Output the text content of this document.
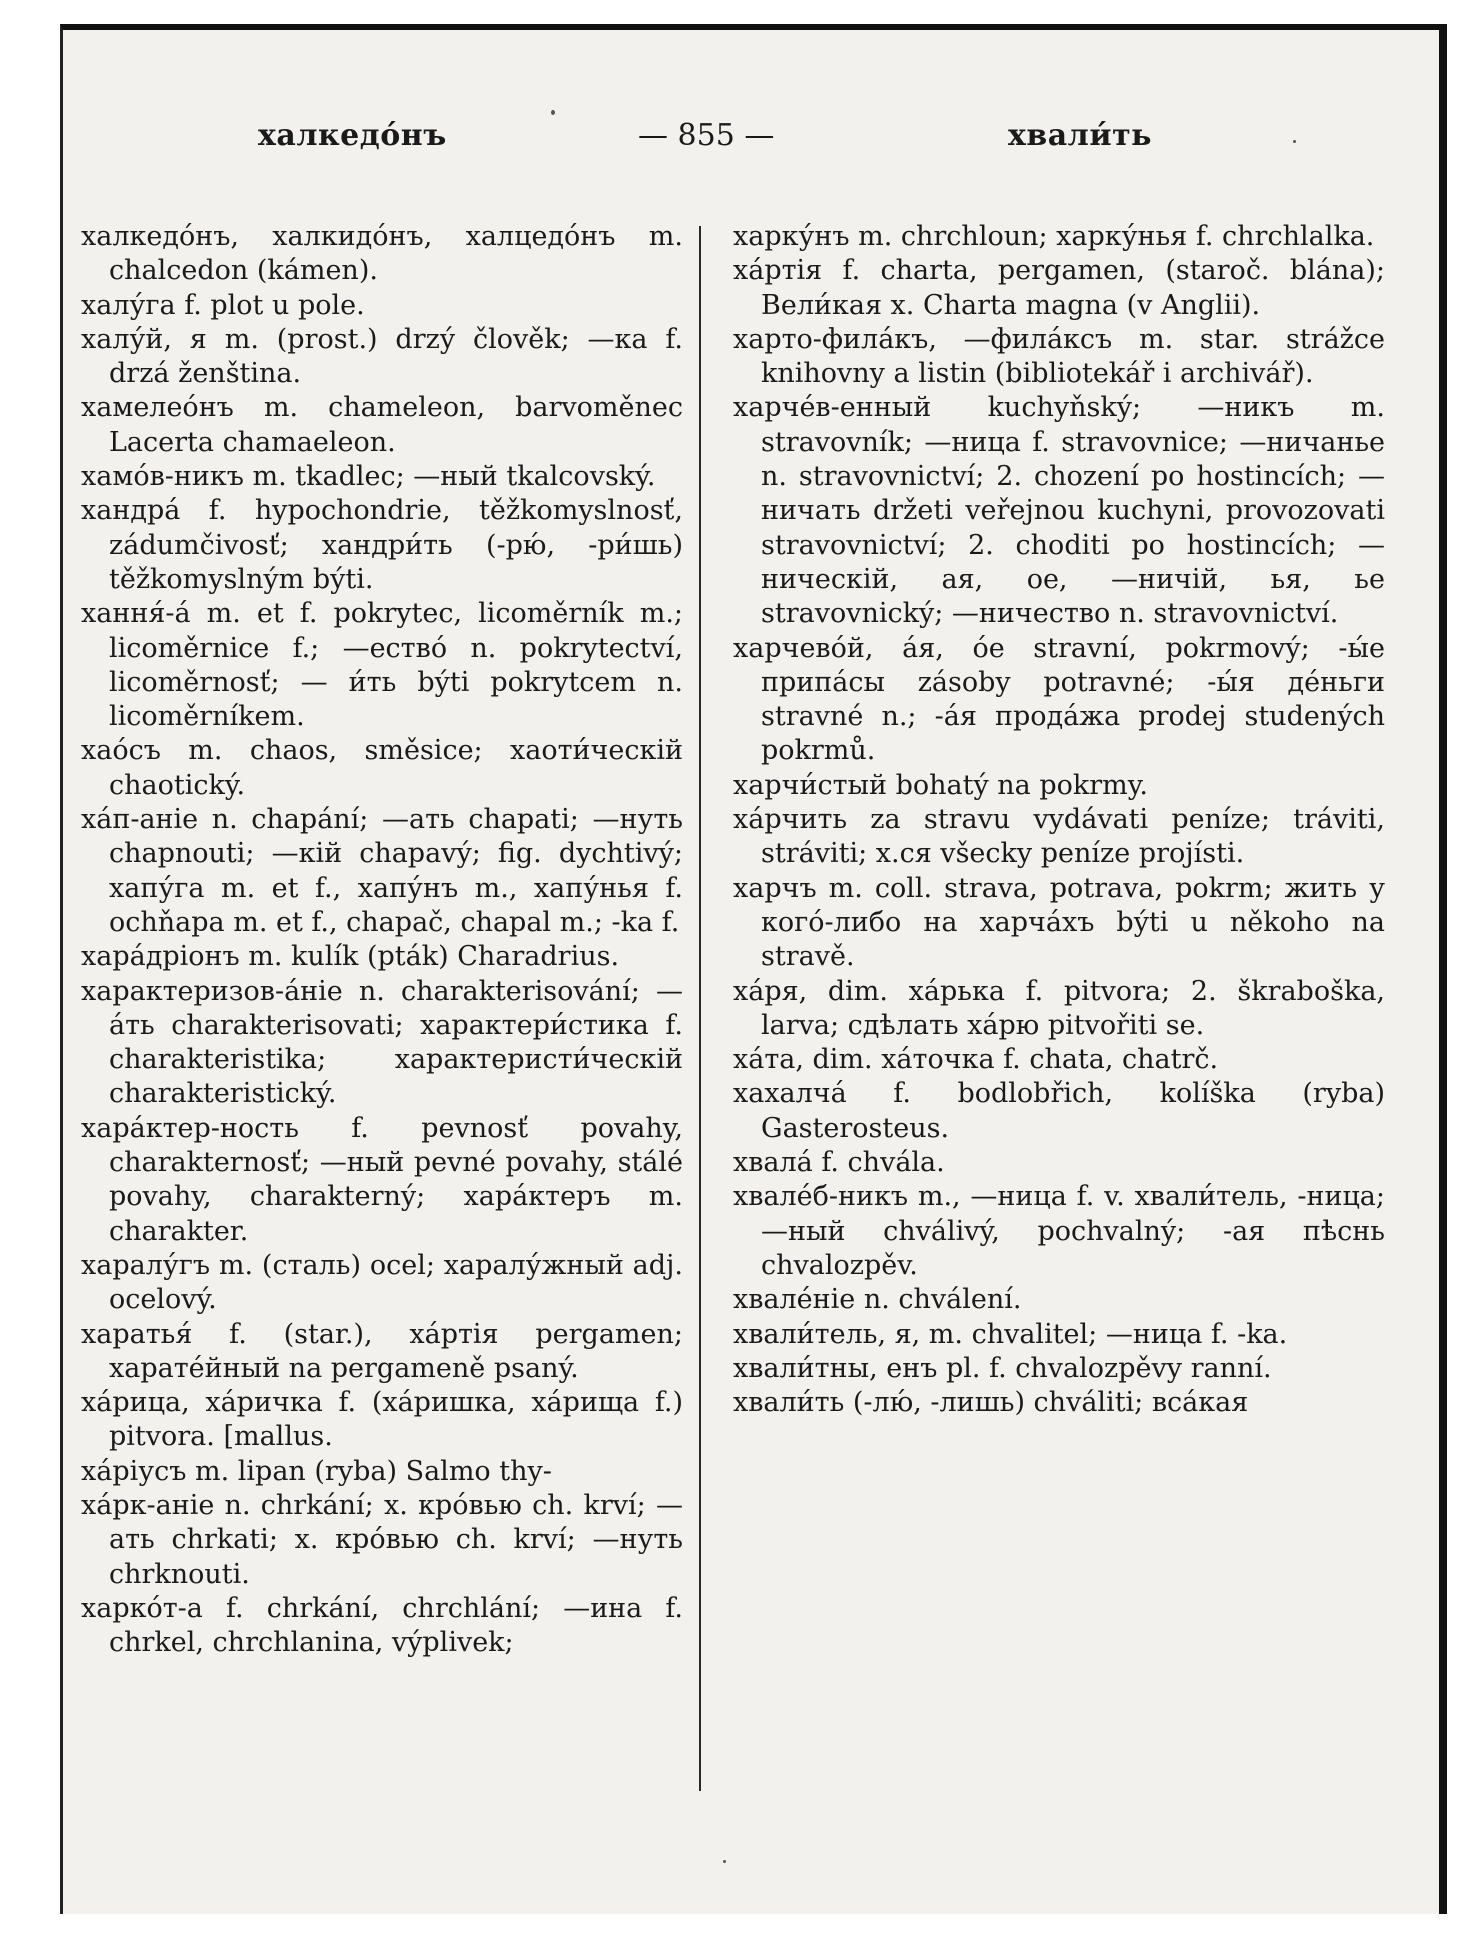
халкедо́нъ	— 855 —	хвали́ть

халкедо́нъ, халкидо́нъ, халцедо́нъ m. chalcedon (kámen).

халу́га f. plot u pole.

халу́й, я m. (prost.) drzý člověk; —ка f. drzá ženština.

хамелео́нъ m. chameleon, barvoměnec Lacerta chamaeleon.

хамо́в-никъ m. tkadlec; —ный tkalcovský.

хандра́ f. hypochondrie, těžkomyslnosť, zádumčivosť; хандри́ть (-рю́, -ри́шь) těžkomyslným býti.

хання́-а́ m. et f. pokrytec, licoměrník m.; licoměrnice f.; —ество́ n. pokrytectví, licoměrnosť; — и́ть býti pokrytcem n. licoměrníkem.

хао́съ m. chaos, směsice; хаоти́ческій chaotický.

ха́п-аніе n. chapání; —ать chapati; —нуть chapnouti; —кій chapavý; fig. dychtivý; хапу́га m. et f., хапу́нъ m., хапу́нья f. ochňapa m. et f., chapač, chapal m.; -ka f.

хара́дріонъ m. kulík (pták) Charadrius.

характеризов-а́ніе n. charakterisování; —а́ть charakterisovati; характери́стика f. charakteristika; характеристи́ческій charakteristický.

хара́ктер-ность f. pevnosť povahy, charakternosť; —ный pevné povahy, stálé povahy, charakterný; хара́ктеръ m. charakter.

харалу́гъ m. (сталь) ocel; харалу́жный adj. ocelový.

харатья́ f. (star.), ха́ртія pergamen; харате́йный na pergameně psaný.

ха́рица, ха́ричка f. (ха́ришка, ха́рища f.) pitvora. [mallus.

ха́ріусъ m. lipan (ryba) Salmo thy-

ха́рк-аніе n. chrkání; х. кро́вью ch. krví; —ать chrkati; х. кро́вью ch. krví; —нуть chrknouti.

харко́т-а f. chrkání, chrchlání; —ина f. chrkel, chrchlanina, výplivek;

харку́нъ m. chrchloun; харку́нья f. chrchlalka.

ха́ртія f. charta, pergamen, (staroč. blána); Вели́кая х. Charta magna (v Anglii).

харто-фила́къ, —фила́ксъ m. star. strážce knihovny a listin (bibliotekář i archivář).

харче́в-енный kuchyňský; —никъ m. stravovník; —ница f. stravovnice; —ничанье n. stravovnictví; 2. chození po hostincích; —ничать držeti veřejnou kuchyni, provozovati stravovnictví; 2. choditi po hostincích; —ническій, ая, ое, —ничій, ья, ье stravovnický; —ничество n. stravovnictví.

харчево́й, а́я, о́е stravní, pokrmový; -ы́е припа́сы zásoby potravné; -ы́я де́ньги stravné n.; -а́я прода́жа prodej studených pokrmů.

харчи́стый bohatý na pokrmy.

ха́рчить za stravu vydávati peníze; tráviti, stráviti; х.ся všecky peníze projísti.

харчъ m. coll. strava, potrava, pokrm; жить у кого́-либо на харча́хъ býti u někoho na stravě.

ха́ря, dim. ха́рька f. pitvora; 2. škraboška, larva; сдѣлать ха́рю pitvořiti se.

ха́та, dim. ха́точка f. chata, chatrč.

хахалча́ f. bodlobřich, kolíška (ryba) Gasterosteus.

хвала́ f. chvála.

хвале́б-никъ m., —ница f. v. хвали́тель, -ница; —ный chválivý, pochvalný; -ая пѣснь chvalozpěv.

хвале́ніе n. chválení.

хвали́тель, я, m. chvalitel; —ница f. -ka.

хвали́тны, енъ pl. f. chvalozpěvy ranní.

хвали́ть (-лю́, -лишь) chváliti; вса́кая
